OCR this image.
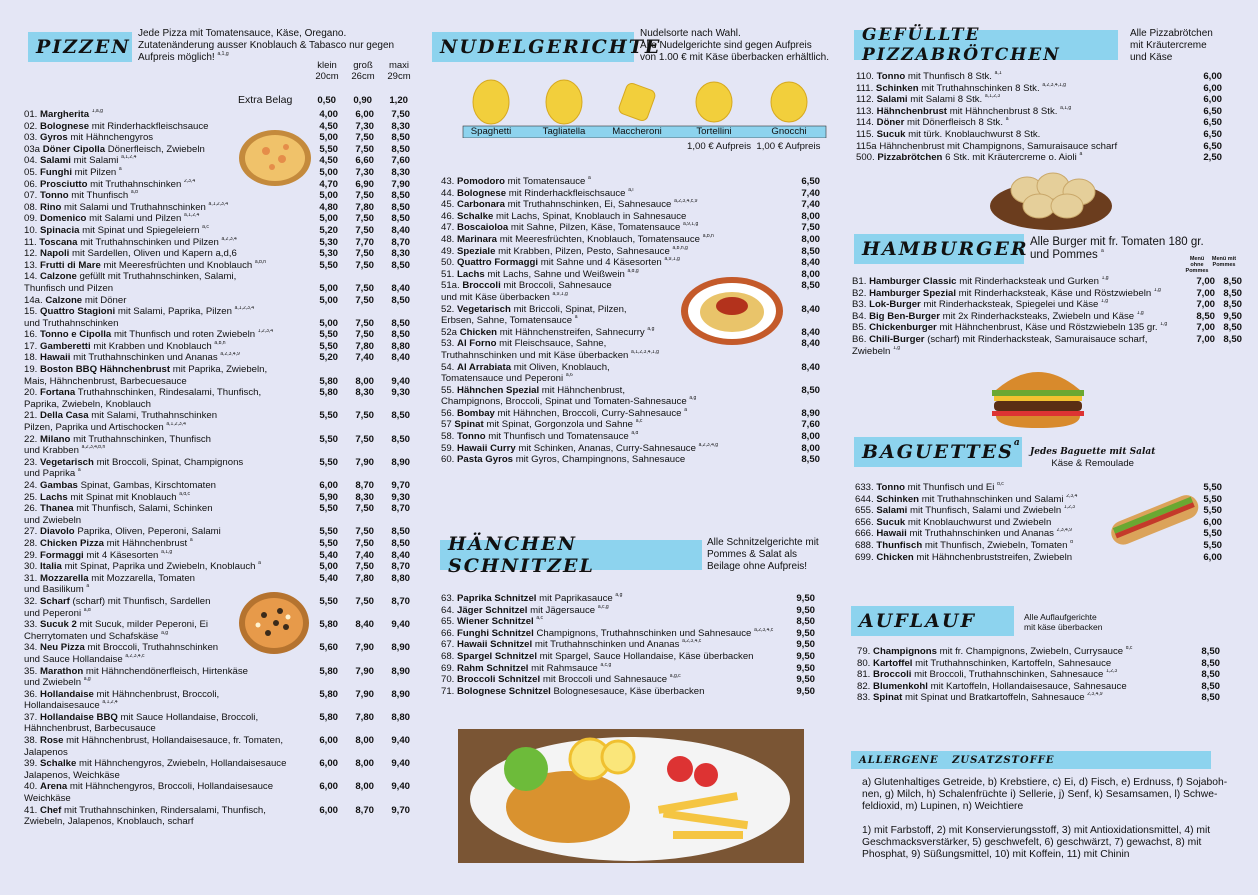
PIZZEN
Jede Pizza mit Tomatensauce, Käse, Oregano.
Zutatenänderung ausser Knoblauch & Tabasco nur gegen
Aufpreis möglich! $^{a,1,g}$
klein
20cm
groß
26cm
maxi
29cm
Extra Belag	0,50	0,90	1,20
01. Margherita $^{1,a,g}$	4,00	6,00	7,50
02. Bolognese mit Rinderhackfleischsauce	4,50	7,30	8,30
03. Gyros mit Hähnchengyros	5,00	7,50	8,50
03a Döner Cipolla Dönerfleisch, Zwiebeln	5,50	7,50	8,50
04. Salami mit Salami $^{a,1,2,4}$	4,50	6,60	7,60
05. Funghi mit Pilzen $^a$	5,00	7,30	8,30
06. Prosciutto mit Truthahnschinken $^{2,3,4}$	4,70	6,90	7,90
07. Tonno mit Thunfisch $^{a,d}$	5,00	7,50	8,50
08. Rino mit Salami und Truthahnschinken $^{a,1,2,3,4}$	4,80	7,80	8,50
09. Domenico mit Salami und Pilzen $^{a,1,2,4}$	5,00	7,50	8,50
10. Spinacia mit Spinat und Spiegeleiern $^{a,c}$	5,20	7,50	8,40
11. Toscana mit Truthahnschinken und Pilzen $^{a,2,3,4}$	5,30	7,70	8,70
12. Napoli mit Sardellen, Oliven und Kapern a,d,6	5,30	7,50	8,30
13. Frutti di Mare mit Meeresfrüchten und Knoblauch $^{a,b,n}$	5,50	7,50	8,50
14. Calzone gefüllt mit Truthahnschinken, Salami,
Thunfisch und Pilzen	5,00	7,50	8,40
14a. Calzone mit Döner	5,00	7,50	8,50
15. Quattro Stagioni mit Salami, Paprika, Pilzen $^{a,1,2,3,4}$
und Truthahnschinken	5,00	7,50	8,50
16. Tonno e Cipolla mit Thunfisch und roten Zwiebeln $^{1,2,3,4}$	5,50	7,50	8,50
17. Gamberetti mit Krabben und Knoblauch $^{a,b,n}$	5,50	7,80	8,80
18. Hawaii mit Truthahnschinken und Ananas $^{a,2,3,4,9}$	5,20	7,40	8,40
19. Boston BBQ Hähnchenbrust mit Paprika, Zwiebeln,
Mais, Hähnchenbrust, Barbecuesauce	5,80	8,00	9,40
20. Fortana Truthahnschinken, Rindesalami, Thunfisch,	5,80	8,30	9,30
Paprika, Zwiebeln, Knoblauch
21. Della Casa mit Salami, Truthahnschinken	5,50	7,50	8,50
Pilzen, Paprika und Artischocken $^{a,1,2,3,4}$
22. Milano mit Truthahnschinken, Thunfisch	5,50	7,50	8,50
und Krabben $^{a,2,3,4,b,n}$
23. Vegetarisch mit Broccoli, Spinat, Champignons	5,50	7,90	8,90
und Paprika $^a$
24. Gambas Spinat, Gambas, Kirschtomaten	6,00	8,70	9,70
25. Lachs mit Spinat mit Knoblauch $^{a,d,c}$	5,90	8,30	9,30
26. Thanea mit Thunfisch, Salami, Schinken	5,50	7,50	8,70
und Zwiebeln
27. Diavolo Paprika, Oliven, Peperoni, Salami	5,50	7,50	8,50
28. Chicken Pizza mit Hähnchenbrust $^a$	5,50	7,50	8,50
29. Formaggi mit 4 Käsesorten $^{a,1,g}$	5,40	7,40	8,40
30. Italia mit Spinat, Paprika und Zwiebeln, Knoblauch $^a$	5,00	7,50	8,70
31. Mozzarella mit Mozzarella, Tomaten	5,40	7,80	8,80
und Basilikum $^a$
32. Scharf (scharf) mit Thunfisch, Sardellen	5,50	7,50	8,70
und Peperoni $^{a,d}$
33. Sucuk 2 mit Sucuk, milder Peperoni, Ei	5,80	8,40	9,40
Cherrytomaten und Schafskäse $^{a,g}$
34. Neu Pizza mit Broccoli, Truthahnschinken	5,60	7,90	8,90
und Sauce Hollandaise $^{a,2,3,4,c}$
35. Marathon mit Hähnchendönerfleisch, Hirtenkäse	5,80	7,90	8,90
und Zwiebeln $^{a,g}$
36. Hollandaise mit Hähnchenbrust, Broccoli,	5,80	7,90	8,90
Hollandaisesauce $^{a,1,2,4}$
37. Hollandaise BBQ mit Sauce Hollandaise, Broccoli,	5,80	7,80	8,80
Hähnchenbrust, Barbecusauce
38. Rose mit Hähnchenbrust, Hollandaisesauce, fr. Tomaten,	6,00	8,00	9,40
Jalapenos
39. Schalke mit Hähnchengyros, Zwiebeln, Hollandaisesauce	6,00	8,00	9,40
Jalapenos, Weichkäse
40. Arena mit Hähnchengyros, Broccoli, Hollandaisesauce	6,00	8,00	9,40
Weichkäse
41. Chef mit Truthahnschinken, Rindersalami, Thunfisch,	6,00	8,70	9,70
Zwiebeln, Jalapenos, Knoblauch, scharf
NUDELGERICHTE
Nudelsorte nach Wahl.
Alle Nudelgerichte sind gegen Aufpreis
von 1.00 € mit Käse überbacken erhältlich.
Spaghetti	Tagliatella	Maccheroni	Tortellini	Gnocchi
1,00 € Aufpreis 1,00 € Aufpreis
43. Pomodoro mit Tomatensauce $^a$	6,50
44. Bolognese mit Rinderhackfleischsauce $^{a,i}$	7,40
45. Carbonara mit Truthahnschinken, Ei, Sahnesauce $^{a,2,3,4,c,9}$	7,40
46. Schalke mit Lachs, Spinat, Knoblauch in Sahnesauce	8,00
47. Boscaioloa mit Sahne, Pilzen, Käse, Tomatensauce $^{a,9,1,g}$	7,50
48. Marinara mit Meeresfrüchten, Knoblauch, Tomatensauce $^{a,b,n}$	8,00
49. Speziale mit Krabben, Pilzen, Pesto, Sahnesauce $^{a,b,n,g}$	8,50
50. Quattro Formaggi mit Sahne und 4 Käsesorten $^{a,9,1,g}$	8,40
51. Lachs mit Lachs, Sahne und Weißwein $^{a,d,g}$	8,00
51a. Broccoli mit Broccoli, Sahnesauce	8,50
und mit Käse überbacken $^{a,9,1,g}$
52. Vegetarisch mit Briccoli, Spinat, Pilzen,	8,40
Erbsen, Sahne, Tomatensauce $^a$
52a Chicken mit Hähnchenstreifen, Sahnecurry $^{a,g}$	8,40
53. Al Forno mit Fleischsauce, Sahne,	8,40
Truthahnschinken und mit Käse überbacken $^{a,1,2,3,4,1,g}$
54. Al Arrabiata mit Oliven, Knoblauch,	8,40
Tomatensauce und Peperoni $^{a,6}$
55. Hähnchen Spezial mit Hähnchenbrust,	8,50
Champignons, Broccoli, Spinat und Tomaten-Sahnesauce $^{a,g}$
56. Bombay mit Hähnchen, Broccoli, Curry-Sahnesauce $^a$	8,90
57 Spinat mit Spinat, Gorgonzola und Sahne $^{a,c}$	7,60
58. Tonno mit Thunfisch und Tomatensauce $^{a,d}$	8,00
59. Hawaii Curry mit Schinken, Ananas, Curry-Sahnesauce $^{a,2,3,4,g}$	8,00
60. Pasta Gyros mit Gyros, Champingnons, Sahnesauce	8,50
HÄNCHEN SCHNITZEL
Alle Schnitzelgerichte mit
Pommes & Salat als
Beilage ohne Aufpreis!
63. Paprika Schnitzel mit Paprikasauce $^{a,g}$	9,50
64. Jäger Schnitzel mit Jägersauce $^{a,c,g}$	9,50
65. Wiener Schnitzel $^{a,c}$	8,50
66. Funghi Schnitzel Champignons, Truthahnschinken und Sahnesauce $^{a,2,3,4,c}$	9,50
67. Hawaii Schnitzel mit Truthahnschinken und Ananas $^{a,2,3,4,c}$	9,50
68. Spargel Schnitzel mit Spargel, Sauce Hollandaise, Käse überbacken	9,50
69. Rahm Schnitzel mit Rahmsauce $^{a,c,g}$	9,50
70. Broccoli Schnitzel mit Broccoli und Sahnesauce $^{a,g,c}$	9,50
71. Bolognese Schnitzel Bolognesesauce, Käse überbacken	9,50
GEFÜLLTE PIZZABRÖTCHEN
Alle Pizzabrötchen
mit Kräutercreme
und Käse
110. Tonno mit Thunfisch 8 Stk. $^{a,1}$	6,00
111. Schinken mit Truthahnschinken 8 Stk. $^{a,2,3,4,1,g}$	6,00
112. Salami mit Salami 8 Stk. $^{a,1,2,3}$	6,00
113. Hähnchenbrust mit Hähnchenbrust 8 Stk. $^{a,1,g}$	6,50
114. Döner mit Dönerfleisch 8 Stk. $^a$	6,50
115. Sucuk mit türk. Knoblauchwurst 8 Stk.	6,50
115a Hähnchenbrust mit Champignons, Samuraisauce scharf	6,50
500. Pizzabrötchen 6 Stk. mit Kräutercreme o. Aioli $^a$	2,50
HAMBURGER Alle Burger mit fr. Tomaten 180 gr.
und Pommes $^a$
Menü ohne Pommes
Menü mit Pommes
B1. Hamburger Classic mit Rinderhacksteak und Gurken $^{1,g}$	7,00 8,50
B2. Hamburger Spezial mit Rinderhacksteak, Käse und Röstzwiebeln $^{1,g}$	7,00 8,50
B3. Lok-Burger mit Rinderhacksteak, Spiegelei und Käse $^{1,g}$	7,00 8,50
B4. Big Ben-Burger mit 2x Rinderhacksteaks, Zwiebeln und Käse $^{1,g}$	8,50 9,50
B5. Chickenburger mit Hähnchenbrust, Käse und Röstzwiebeln 135 gr. $^{1,g}$	7,00 8,50
B6. Chili-Burger (scharf) mit Rinderhacksteak, Samuraisauce scharf,	7,00 8,50
Zwiebeln $^{1,g}$
BAGUETTES$^a$
Jedes Baguette mit Salat
Käse & Remoulade
633. Tonno mit Thunfisch und Ei $^{d,c}$	5,50
644. Schinken mit Truthahnschinken und Salami $^{2,3,4}$	5,50
655. Salami mit Thunfisch, Salami und Zwiebeln $^{1,2,3}$	5,50
656. Sucuk mit Knoblauchwurst und Zwiebeln	6,00
666. Hawaii mit Truthahnschinken und Ananas $^{2,3,4,9}$	5,50
688. Thunfisch mit Thunfisch, Zwiebeln, Tomaten $^d$	5,50
699. Chicken mit Hähnchenbruststreifen, Zwiebeln	6,00
AUFLAUF	Alle Auflaufgerichte
mit käse überbacken
79. Champignons mit fr. Champignons, Zwiebeln, Currysauce $^{d,c}$	8,50
80. Kartoffel mit Truthahnschinken, Kartoffeln, Sahnesauce	8,50
81. Broccoli mit Broccoli, Truthahnschinken, Sahnesauce $^{1,2,3}$	8,50
82. Blumenkohl mit Kartoffeln, Hollandaisesauce, Sahnesauce	8,50
83. Spinat mit Spinat und Bratkartoffeln, Sahnesauce $^{2,3,4,9}$	8,50
ALLERGENE   ZUSATZSTOFFE
a) Glutenhaltiges Getreide, b) Krebstiere, c) Ei, d) Fisch, e) Erdnuss, f) Sojaboh-
nen, g) Milch, h) Schalenfrüchte i) Sellerie, j) Senf, k) Sesamsamen, l) Schwe-
feldioxid, m) Lupinen, n) Weichtiere
1) mit Farbstoff, 2) mit Konservierungsstoff, 3) mit Antioxidationsmittel, 4) mit
Geschmacksverstärker, 5) geschwefelt, 6) geschwärzt, 7) gewachst, 8) mit
Phosphat, 9) Süßungsmittel, 10) mit Koffein, 11) mit Chinin
